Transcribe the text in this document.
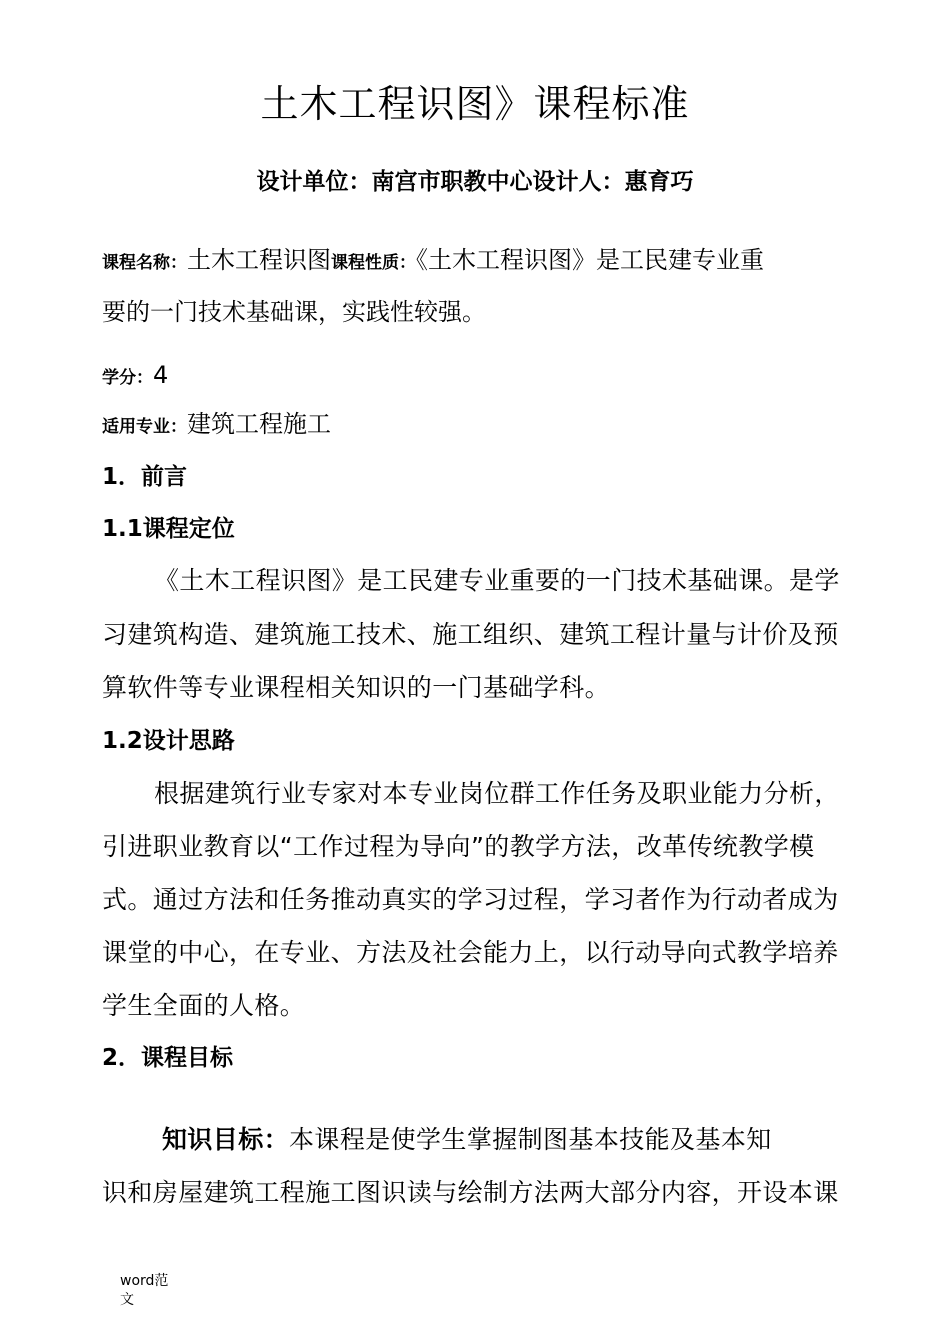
土木工程识图》课程标准
设计单位：南宫市职教中心设计人：惠育巧
课程名称：土木工程识图课程性质：《土木工程识图》是工民建专业重
要的一门技术基础课，实践性较强。
学分：4
适用专业：建筑工程施工
1．前言
1.1课程定位
《土木工程识图》是工民建专业重要的一门技术基础课。是学
习建筑构造、建筑施工技术、施工组织、建筑工程计量与计价及预
算软件等专业课程相关知识的一门基础学科。
1.2设计思路
根据建筑行业专家对本专业岗位群工作任务及职业能力分析，
引进职业教育以“工作过程为导向”的教学方法，改革传统教学模
式。通过方法和任务推动真实的学习过程，学习者作为行动者成为
课堂的中心，在专业、方法及社会能力上，以行动导向式教学培养
学生全面的人格。
2．课程目标
知识目标：本课程是使学生掌握制图基本技能及基本知
识和房屋建筑工程施工图识读与绘制方法两大部分内容，开设本课
word范
文
